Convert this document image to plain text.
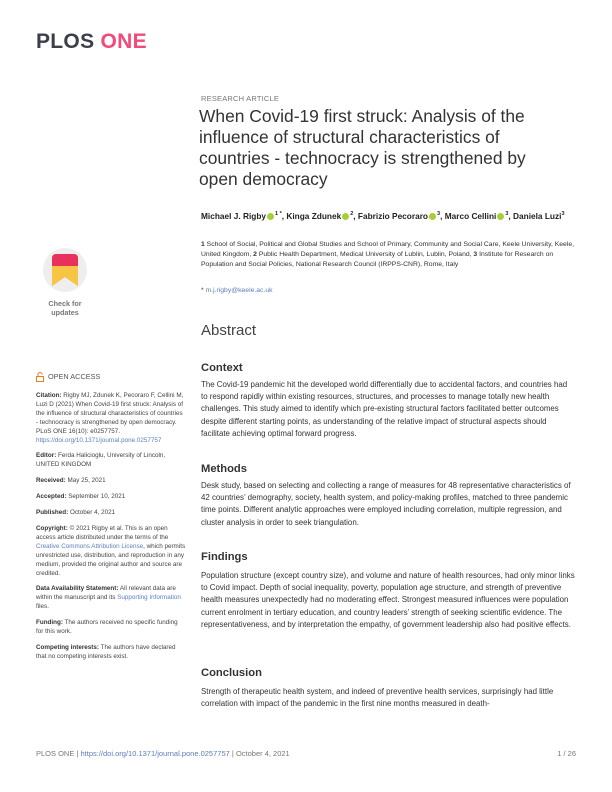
PLOS ONE
RESEARCH ARTICLE
When Covid-19 first struck: Analysis of the influence of structural characteristics of countries - technocracy is strengthened by open democracy
Michael J. Rigby $^{1 *}$, Kinga Zdunek $^2$, Fabrizio Pecoraro $^3$, Marco Cellini $^3$, Daniela Luzi$^3$

1 School of Social, Political and Global Studies and School of Primary, Community and Social Care, Keele University, Keele, United Kingdom, 2 Public Health Department, Medical University of Lublin, Lublin, Poland, 3 Institute for Research on Population and Social Policies, National Research Council (IRPPS-CNR), Rome, Italy

* m.j.rigby@keele.ac.uk
Check for updates
OPEN ACCESS

Citation: Rigby MJ, Zdunek K, Pecoraro F, Cellini M, Luzi D (2021) When Covid-19 first struck: Analysis of the influence of structural characteristics of countries - technocracy is strengthened by open democracy. PLoS ONE 16(10): e0257757. https://doi.org/10.1371/journal.pone.0257757

Editor: Ferda Halicioglu, University of Lincoln, UNITED KINGDOM

Received: May 25, 2021

Accepted: September 10, 2021

Published: October 4, 2021

Copyright: © 2021 Rigby et al. This is an open access article distributed under the terms of the Creative Commons Attribution License, which permits unrestricted use, distribution, and reproduction in any medium, provided the original author and source are credited.

Data Availability Statement: All relevant data are within the manuscript and its Supporting Information files.

Funding: The authors received no specific funding for this work.

Competing interests: The authors have declared that no competing interests exist.

Abstract
Context
The Covid-19 pandemic hit the developed world differentially due to accidental factors, and countries had to respond rapidly within existing resources, structures, and processes to manage totally new health challenges. This study aimed to identify which pre-existing structural factors facilitated better outcomes despite different starting points, as understanding of the relative impact of structural aspects should facilitate achieving optimal forward progress.
Methods
Desk study, based on selecting and collecting a range of measures for 48 representative characteristics of 42 countries’ demography, society, health system, and policy-making profiles, matched to three pandemic time points. Different analytic approaches were employed including correlation, multiple regression, and cluster analysis in order to seek triangulation.
Findings
Population structure (except country size), and volume and nature of health resources, had only minor links to Covid impact. Depth of social inequality, poverty, population age structure, and strength of preventive health measures unexpectedly had no moderating effect. Strongest measured influences were population current enrolment in tertiary education, and country leaders’ strength of seeking scientific evidence. The representativeness, and by interpretation the empathy, of government leadership also had positive effects.
Conclusion
Strength of therapeutic health system, and indeed of preventive health services, surprisingly had little correlation with impact of the pandemic in the first nine months measured in death-
PLOS ONE | https://doi.org/10.1371/journal.pone.0257757 | October 4, 2021	1 / 26
